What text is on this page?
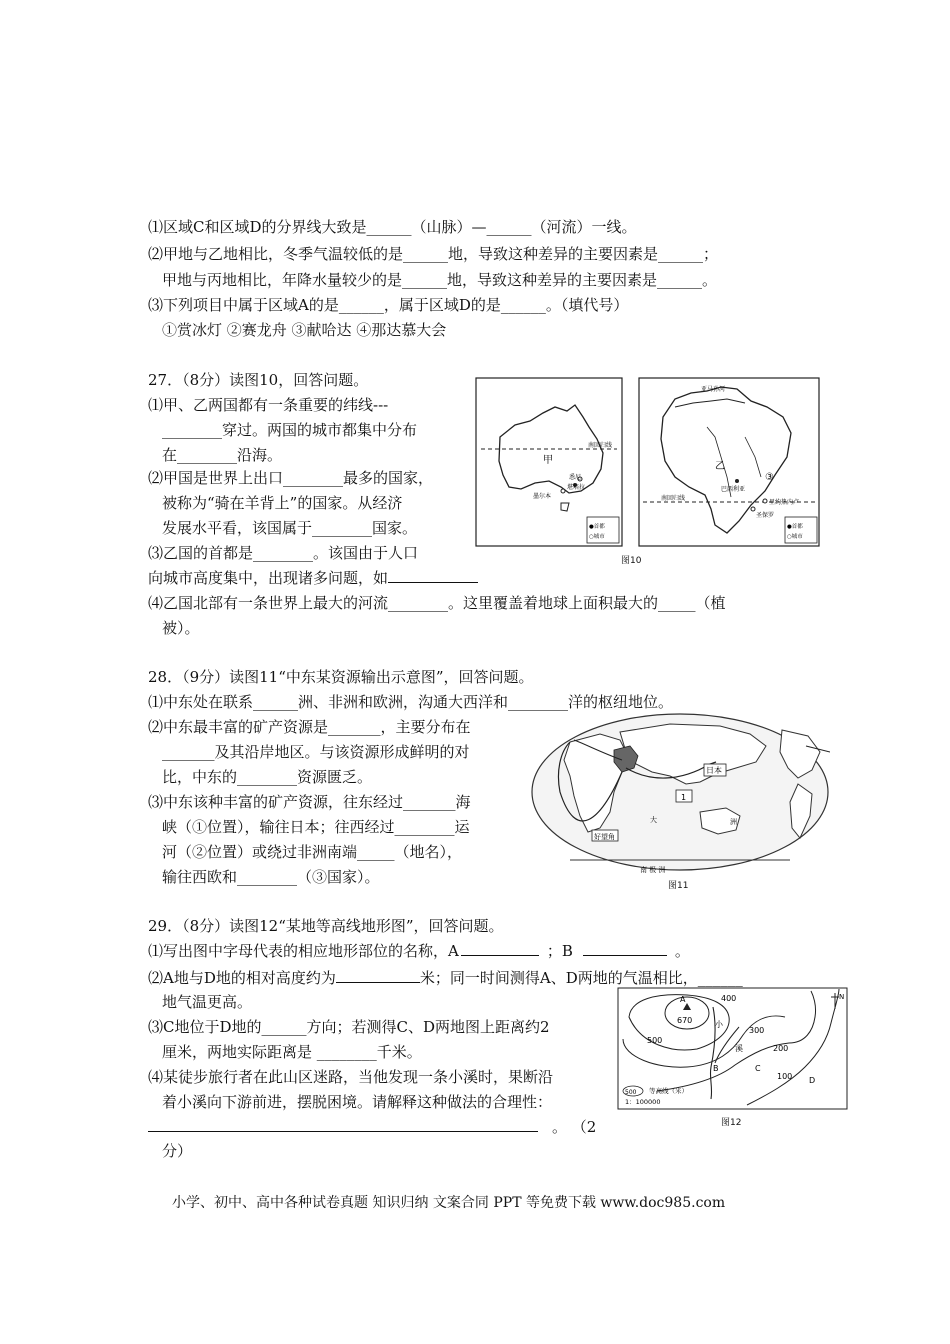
⑴区域C和区域D的分界线大致是______（山脉）—______（河流）一线。
⑵甲地与乙地相比，冬季气温较低的是______地，导致这种差异的主要因素是______；
甲地与丙地相比，年降水量较少的是______地，导致这种差异的主要因素是______。
⑶下列项目中属于区域A的是______，属于区域D的是______。（填代号）
①赏冰灯 ②赛龙舟 ③献哈达 ④那达慕大会
27．（8分）读图10，回答问题。
⑴甲、乙两国都有一条重要的纬线---
________穿过。两国的城市都集中分布
在________沿海。
⑵甲国是世界上出口________最多的国家，
被称为“骑在羊背上”的国家。从经济
发展水平看，该国属于________国家。
⑶乙国的首都是________。该国由于人口
向城市高度集中，出现诸多问题，如
⑷乙国北部有一条世界上最大的河流________。这里覆盖着地球上面积最大的_____（植
被）。
南回归线
甲
悉尼
堪培拉
墨尔本
●首都
○城市
亚马孙河
乙
巴西利亚
南回归线
里约热内卢
圣保罗
③
●首都
○城市
图10
28．（9分）读图11“中东某资源输出示意图”，回答问题。
⑴中东处在联系______洲、非洲和欧洲，沟通大西洋和________洋的枢纽地位。
⑵中东最丰富的矿产资源是_______，主要分布在
_______及其沿岸地区。与该资源形成鲜明的对
比，中东的________资源匮乏。
⑶中东该种丰富的矿产资源，往东经过_______海
峡（①位置），输往日本；往西经过________运
河（②位置）或绕过非洲南端_____（地名），
输往西欧和________（③国家）。
1
日本
好望角
大	洲
南 极 洲
图11
29．（8分）读图12“某地等高线地形图”，回答问题。
⑴写出图中字母代表的相应地形部位的名称，A	；B	。
⑵A地与D地的相对高度约为	米；同一时间测得A、D两地的气温相比，______
地气温更高。
⑶C地位于D地的______方向；若测得C、D两地图上距离约2
厘米，两地实际距离是 ________千米。
⑷某徒步旅行者在此山区迷路，当他发现一条小溪时，果断沿
着小溪向下游前进，摆脱困境。请解释这种做法的合理性：
。 （2
分）
A
670
400
300
200
100
500
小
溪
B	C
D
N
500 等高线（米）
1：100000
图12
小学、初中、高中各种试卷真题 知识归纳 文案合同 PPT 等免费下载 www.doc985.com
